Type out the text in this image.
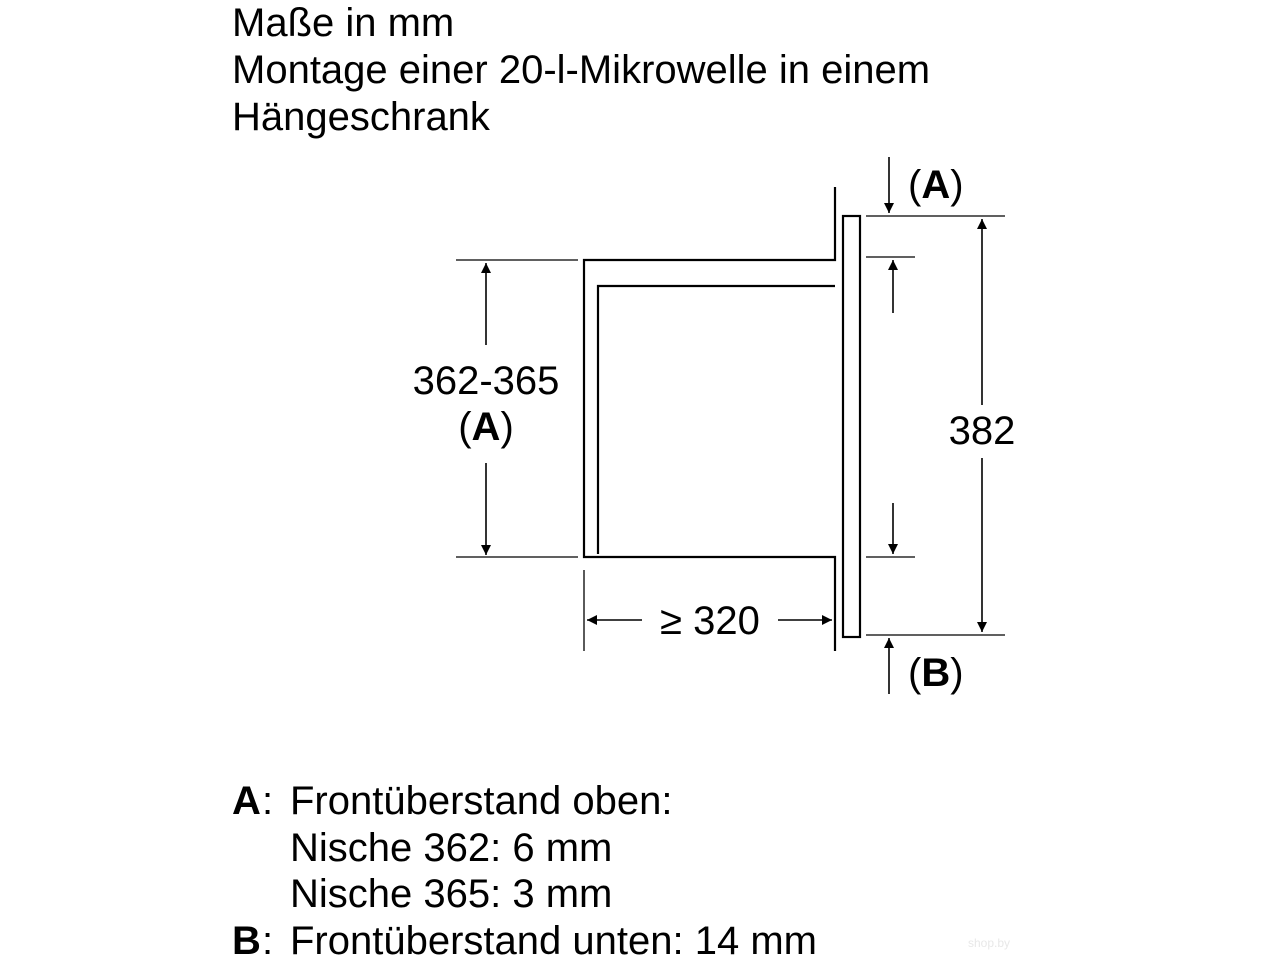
Maße in mm
Montage einer 20-l-Mikrowelle in einem
Hängeschrank
362-365
(A)	382
≥ 320
(A)
(B)
A : Frontüberstand oben:
Nische 362: 6 mm
Nische 365: 3 mm
B : Frontüberstand unten: 14 mm	shop.by
